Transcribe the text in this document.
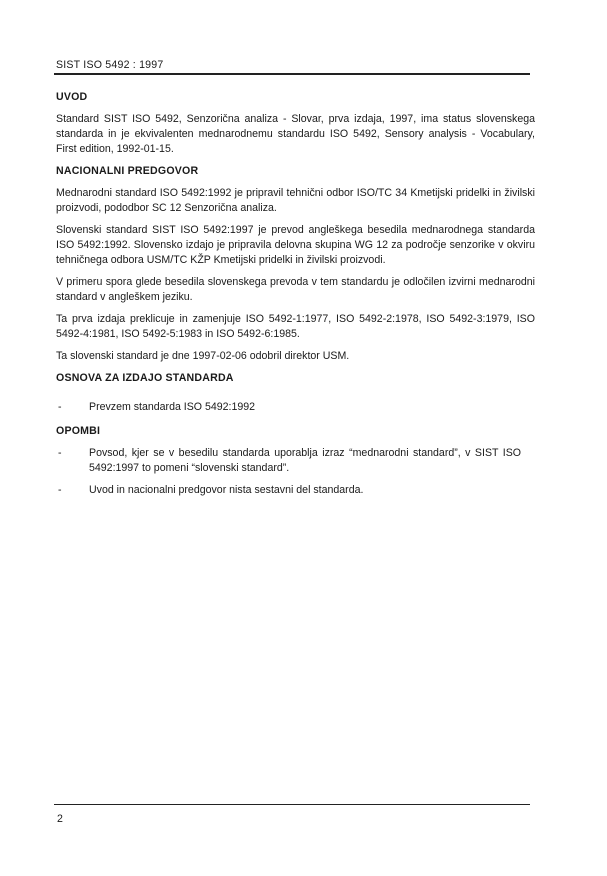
SIST ISO 5492 : 1997
UVOD

Standard SIST ISO 5492, Senzorična analiza - Slovar, prva izdaja, 1997, ima status slovenskega standarda in je ekvivalenten mednarodnemu standardu ISO 5492, Sensory analysis - Vocabulary, First edition, 1992-01-15.

NACIONALNI PREDGOVOR

Mednarodni standard ISO 5492:1992 je pripravil tehnični odbor ISO/TC 34 Kmetijski pridelki in živilski proizvodi, pododbor SC 12 Senzorična analiza.

Slovenski standard SIST ISO 5492:1997 je prevod angleškega besedila mednarodnega standarda ISO 5492:1992. Slovensko izdajo je pripravila delovna skupina WG 12 za področje senzorike v okviru tehničnega odbora USM/TC KŽP Kmetijski pridelki in živilski proizvodi.

V primeru spora glede besedila slovenskega prevoda v tem standardu je odločilen izvirni mednarodni standard v angleškem jeziku.

Ta prva izdaja preklicuje in zamenjuje ISO 5492-1:1977, ISO 5492-2:1978, ISO 5492-3:1979, ISO 5492-4:1981, ISO 5492-5:1983 in ISO 5492-6:1985.

Ta slovenski standard je dne 1997-02-06 odobril direktor USM.

OSNOVA ZA IZDAJO STANDARDA
-	Prevzem standarda ISO 5492:1992
OPOMBI
-	Povsod, kjer se v besedilu standarda uporablja izraz “mednarodni standard”, v SIST ISO 5492:1997 to pomeni “slovenski standard”.
-	Uvod in nacionalni predgovor nista sestavni del standarda.
2
